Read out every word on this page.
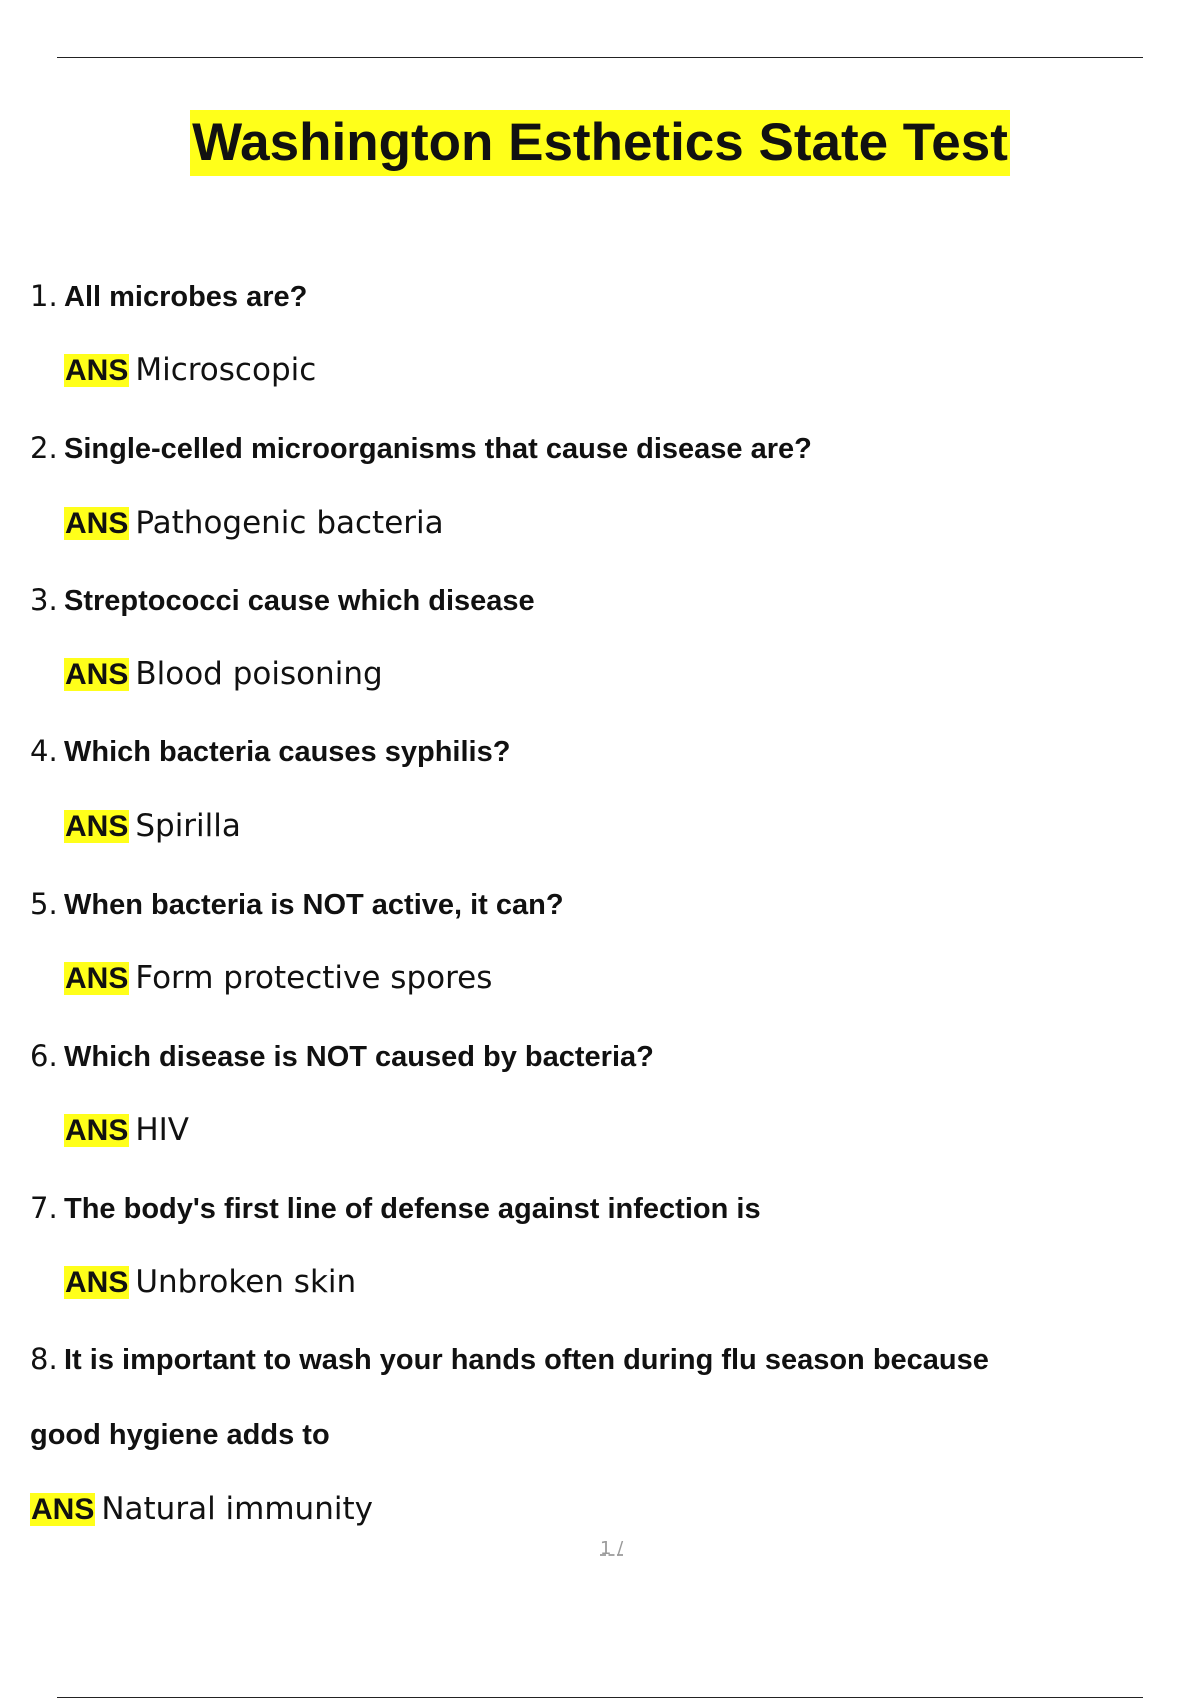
Washington Esthetics State Test
1. All microbes are?
ANS Microscopic
2. Single-celled microorganisms that cause disease are?
ANS Pathogenic bacteria
3. Streptococci cause which disease
ANS Blood poisoning
4. Which bacteria causes syphilis?
ANS Spirilla
5. When bacteria is NOT active, it can?
ANS Form protective spores
6. Which disease is NOT caused by bacteria?
ANS HIV
7. The body's first line of defense against infection is
ANS Unbroken skin
8. It is important to wash your hands often during flu season because
good hygiene adds to
ANS Natural immunity
1 /
